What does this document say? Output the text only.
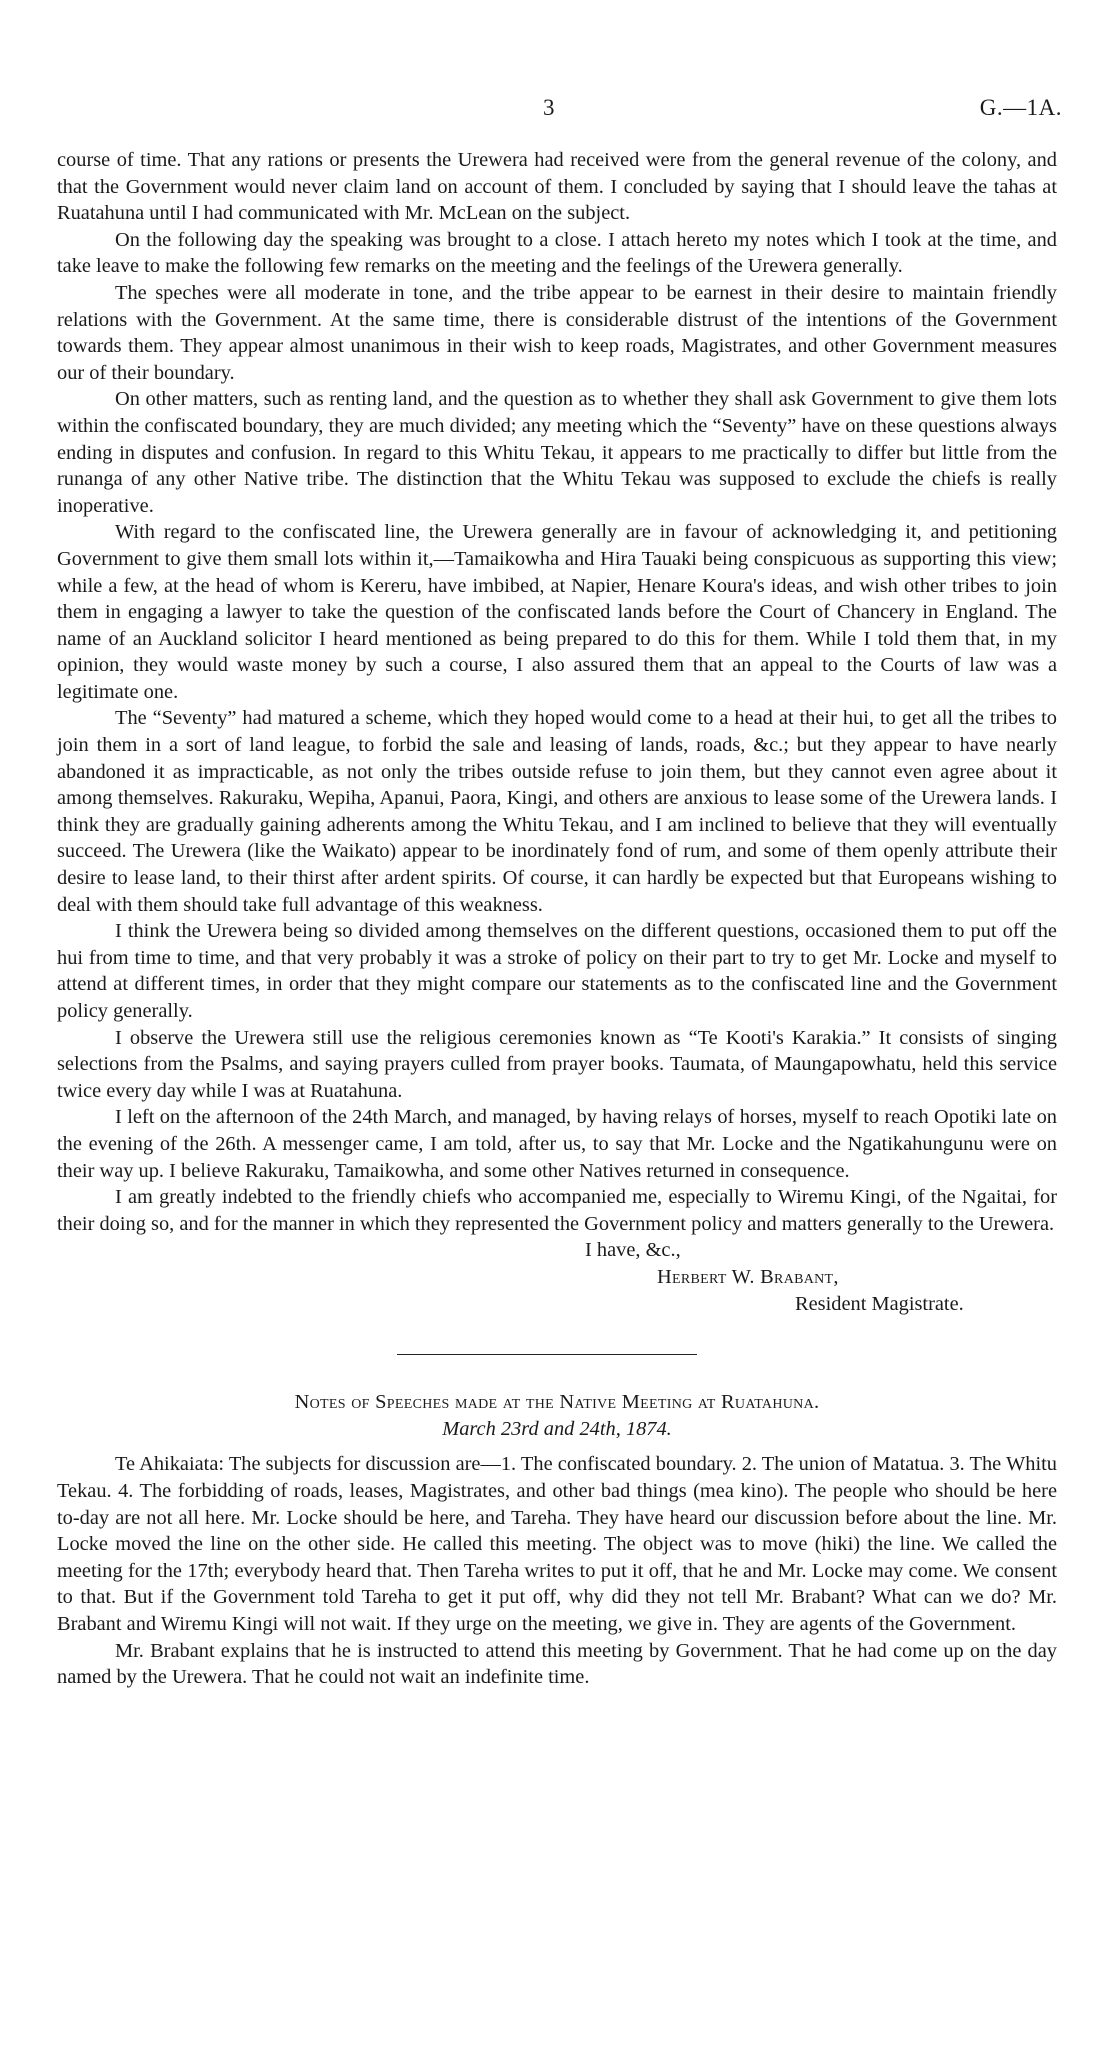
3	G.—1A.

course of time. That any rations or presents the Urewera had received were from the general revenue of the colony, and that the Government would never claim land on account of them. I concluded by saying that I should leave the tahas at Ruatahuna until I had communicated with Mr. McLean on the subject.

On the following day the speaking was brought to a close. I attach hereto my notes which I took at the time, and take leave to make the following few remarks on the meeting and the feelings of the Urewera generally.

The speches were all moderate in tone, and the tribe appear to be earnest in their desire to maintain friendly relations with the Government. At the same time, there is considerable distrust of the intentions of the Government towards them. They appear almost unanimous in their wish to keep roads, Magistrates, and other Government measures our of their boundary.

On other matters, such as renting land, and the question as to whether they shall ask Government to give them lots within the confiscated boundary, they are much divided; any meeting which the “Seventy” have on these questions always ending in disputes and confusion. In regard to this Whitu Tekau, it appears to me practically to differ but little from the runanga of any other Native tribe. The distinction that the Whitu Tekau was supposed to exclude the chiefs is really inoperative.

With regard to the confiscated line, the Urewera generally are in favour of acknowledging it, and petitioning Government to give them small lots within it,—Tamaikowha and Hira Tauaki being conspicuous as supporting this view; while a few, at the head of whom is Kereru, have imbibed, at Napier, Henare Koura's ideas, and wish other tribes to join them in engaging a lawyer to take the question of the confiscated lands before the Court of Chancery in England. The name of an Auckland solicitor I heard mentioned as being prepared to do this for them. While I told them that, in my opinion, they would waste money by such a course, I also assured them that an appeal to the Courts of law was a legitimate one.

The “Seventy” had matured a scheme, which they hoped would come to a head at their hui, to get all the tribes to join them in a sort of land league, to forbid the sale and leasing of lands, roads, &c.; but they appear to have nearly abandoned it as impracticable, as not only the tribes outside refuse to join them, but they cannot even agree about it among themselves. Rakuraku, Wepiha, Apanui, Paora, Kingi, and others are anxious to lease some of the Urewera lands. I think they are gradually gaining adherents among the Whitu Tekau, and I am inclined to believe that they will eventually succeed. The Urewera (like the Waikato) appear to be inordinately fond of rum, and some of them openly attribute their desire to lease land, to their thirst after ardent spirits. Of course, it can hardly be expected but that Europeans wishing to deal with them should take full advantage of this weakness.

I think the Urewera being so divided among themselves on the different questions, occasioned them to put off the hui from time to time, and that very probably it was a stroke of policy on their part to try to get Mr. Locke and myself to attend at different times, in order that they might compare our statements as to the confiscated line and the Government policy generally.

I observe the Urewera still use the religious ceremonies known as “Te Kooti's Karakia.” It consists of singing selections from the Psalms, and saying prayers culled from prayer books. Taumata, of Maungapowhatu, held this service twice every day while I was at Ruatahuna.

I left on the afternoon of the 24th March, and managed, by having relays of horses, myself to reach Opotiki late on the evening of the 26th. A messenger came, I am told, after us, to say that Mr. Locke and the Ngatikahungunu were on their way up. I believe Rakuraku, Tamaikowha, and some other Natives returned in consequence.

I am greatly indebted to the friendly chiefs who accompanied me, especially to Wiremu Kingi, of the Ngaitai, for their doing so, and for the manner in which they represented the Government policy and matters generally to the Urewera.

I have, &c.,
Herbert W. Brabant,
Resident Magistrate.
Notes of Speeches made at the Native Meeting at Ruatahuna.
March 23rd and 24th, 1874.

Te Ahikaiata: The subjects for discussion are—1. The confiscated boundary. 2. The union of Matatua. 3. The Whitu Tekau. 4. The forbidding of roads, leases, Magistrates, and other bad things (mea kino). The people who should be here to-day are not all here. Mr. Locke should be here, and Tareha. They have heard our discussion before about the line. Mr. Locke moved the line on the other side. He called this meeting. The object was to move (hiki) the line. We called the meeting for the 17th; everybody heard that. Then Tareha writes to put it off, that he and Mr. Locke may come. We consent to that. But if the Government told Tareha to get it put off, why did they not tell Mr. Brabant? What can we do? Mr. Brabant and Wiremu Kingi will not wait. If they urge on the meeting, we give in. They are agents of the Government.

Mr. Brabant explains that he is instructed to attend this meeting by Government. That he had come up on the day named by the Urewera. That he could not wait an indefinite time.
